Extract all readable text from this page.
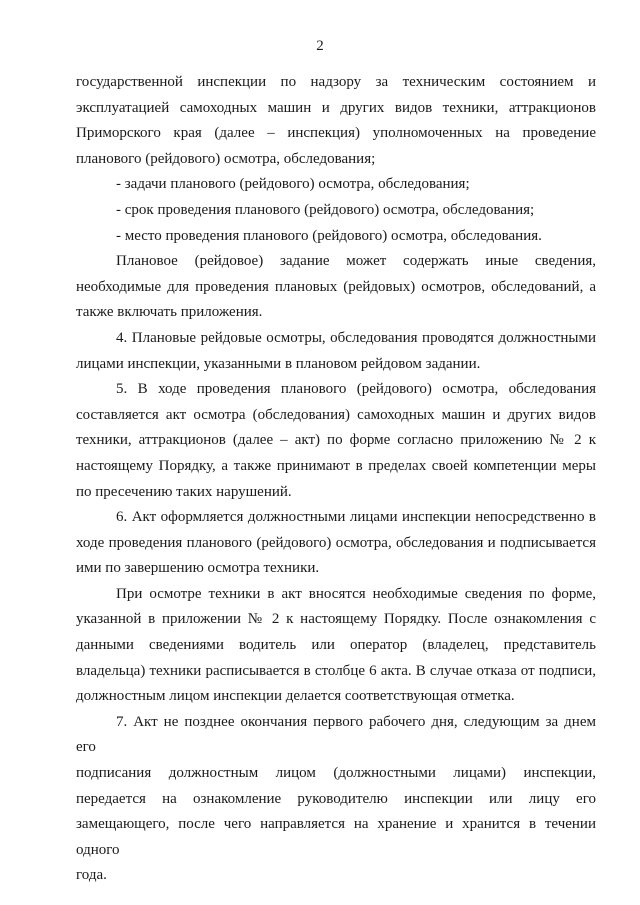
2
государственной инспекции по надзору за техническим состоянием и
эксплуатацией самоходных машин и других видов техники, аттракционов
Приморского края (далее – инспекция) уполномоченных на проведение
планового (рейдового) осмотра, обследования;
- задачи планового (рейдового) осмотра, обследования;
- срок проведения планового (рейдового) осмотра, обследования;
- место проведения планового (рейдового) осмотра, обследования.
Плановое (рейдовое) задание может содержать иные сведения,
необходимые для проведения плановых (рейдовых) осмотров, обследований, а
также включать приложения.
4. Плановые рейдовые осмотры, обследования проводятся должностными
лицами инспекции, указанными в плановом рейдовом задании.
5. В ходе проведения планового (рейдового) осмотра, обследования
составляется акт осмотра (обследования) самоходных машин и других видов
техники, аттракционов (далее – акт) по форме согласно приложению № 2 к
настоящему Порядку, а также принимают в пределах своей компетенции меры
по пресечению таких нарушений.
6. Акт оформляется должностными лицами инспекции непосредственно в
ходе проведения планового (рейдового) осмотра, обследования и подписывается
ими по завершению осмотра техники.
При осмотре техники в акт вносятся необходимые сведения по форме,
указанной в приложении № 2 к настоящему Порядку. После ознакомления с
данными сведениями водитель или оператор (владелец, представитель
владельца) техники расписывается в столбце 6 акта. В случае отказа от подписи,
должностным лицом инспекции делается соответствующая отметка.
7. Акт не позднее окончания первого рабочего дня, следующим за днем его
подписания должностным лицом (должностными лицами) инспекции,
передается на ознакомление руководителю инспекции или лицу его
замещающего, после чего направляется на хранение и хранится в течении одного
года.
